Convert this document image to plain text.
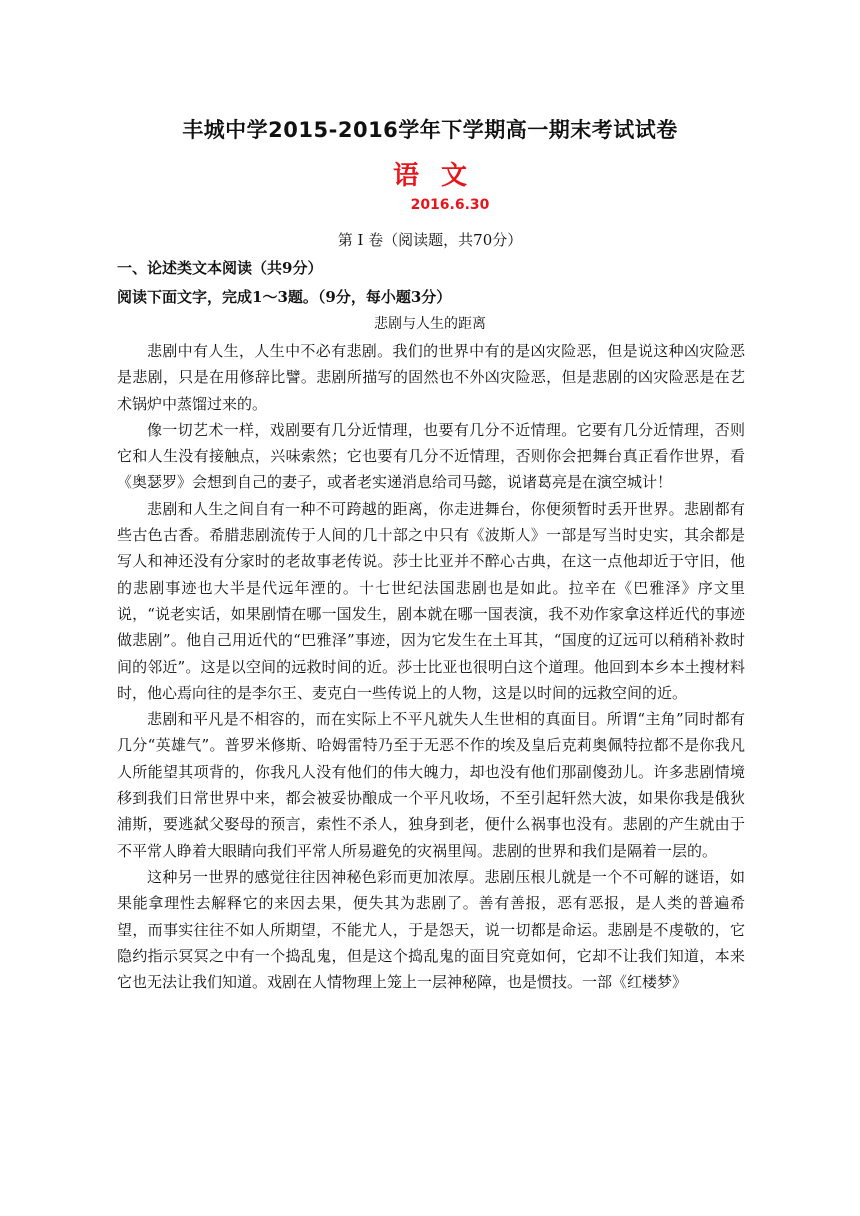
丰城中学2015-2016学年下学期高一期末考试试卷
语文
2016.6.30
第 Ⅰ 卷（阅读题，共70分）
一、论述类文本阅读（共9分）
阅读下面文字，完成1～3题。（9分，每小题3分）
悲剧与人生的距离

悲剧中有人生，人生中不必有悲剧。我们的世界中有的是凶灾险恶，但是说这种凶灾险恶是悲剧，只是在用修辞比譬。悲剧所描写的固然也不外凶灾险恶，但是悲剧的凶灾险恶是在艺术锅炉中蒸馏过来的。

像一切艺术一样，戏剧要有几分近情理，也要有几分不近情理。它要有几分近情理，否则它和人生没有接触点，兴味索然；它也要有几分不近情理，否则你会把舞台真正看作世界，看《奥瑟罗》会想到自己的妻子，或者老实递消息给司马懿，说诸葛亮是在演空城计！

悲剧和人生之间自有一种不可跨越的距离，你走进舞台，你便须暂时丢开世界。悲剧都有些古色古香。希腊悲剧流传于人间的几十部之中只有《波斯人》一部是写当时史实，其余都是写人和神还没有分家时的老故事老传说。莎士比亚并不醉心古典，在这一点他却近于守旧，他的悲剧事迹也大半是代远年湮的。十七世纪法国悲剧也是如此。拉辛在《巴雅泽》序文里说，“说老实话，如果剧情在哪一国发生，剧本就在哪一国表演，我不劝作家拿这样近代的事迹做悲剧”。他自己用近代的“巴雅泽”事迹，因为它发生在土耳其，“国度的辽远可以稍稍补救时间的邻近”。这是以空间的远救时间的近。莎士比亚也很明白这个道理。他回到本乡本土搜材料时，他心焉向往的是李尔王、麦克白一些传说上的人物，这是以时间的远救空间的近。

悲剧和平凡是不相容的，而在实际上不平凡就失人生世相的真面目。所谓“主角”同时都有几分“英雄气”。普罗米修斯、哈姆雷特乃至于无恶不作的埃及皇后克莉奥佩特拉都不是你我凡人所能望其项背的，你我凡人没有他们的伟大魄力，却也没有他们那副傻劲儿。许多悲剧情境移到我们日常世界中来，都会被妥协酿成一个平凡收场，不至引起轩然大波，如果你我是俄狄浦斯，要逃弑父娶母的预言，索性不杀人，独身到老，便什么祸事也没有。悲剧的产生就由于不平常人睁着大眼睛向我们平常人所易避免的灾祸里闯。悲剧的世界和我们是隔着一层的。

这种另一世界的感觉往往因神秘色彩而更加浓厚。悲剧压根儿就是一个不可解的谜语，如果能拿理性去解释它的来因去果，便失其为悲剧了。善有善报，恶有恶报，是人类的普遍希望，而事实往往不如人所期望，不能尤人，于是怨天，说一切都是命运。悲剧是不虔敬的，它隐约指示冥冥之中有一个捣乱鬼，但是这个捣乱鬼的面目究竟如何，它却不让我们知道，本来它也无法让我们知道。戏剧在人情物理上笼上一层神秘障，也是惯技。一部《红楼梦》
